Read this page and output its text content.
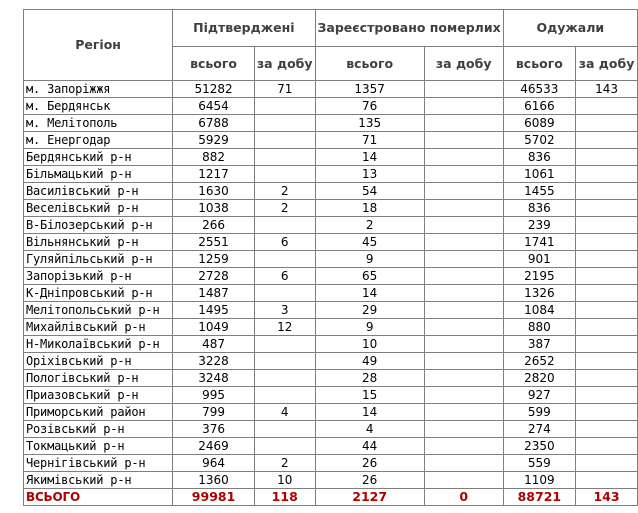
Регіон	Підтверджені		Зареєстровано померлих		Одужали	
	всього	за добу	всього	за добу	всього	за добу
м. Запоріжжя	51282	71	1357		46533	143
м. Бердянськ	6454		76		6166	
м. Мелітополь	6788		135		6089	
м. Енергодар	5929		71		5702	
Бердянський р-н	882		14		836	
Більмацький р-н	1217		13		1061	
Василівський р-н	1630	2	54		1455	
Веселівський р-н	1038	2	18		836	
В-Білозерський р-н	266		2		239	
Вільнянський р-н	2551	6	45		1741	
Гуляйпільський р-н	1259		9		901	
Запорізький р-н	2728	6	65		2195	
К-Дніпровський р-н	1487		14		1326	
Мелітопольський р-н	1495	3	29		1084	
Михайлівський р-н	1049	12	9		880	
Н-Миколаївський р-н	487		10		387	
Оріхівський р-н	3228		49		2652	
Пологівський р-н	3248		28		2820	
Приазовський р-н	995		15		927	
Приморський район	799	4	14		599	
Розівський р-н	376		4		274	
Токмацький р-н	2469		44		2350	
Чернігівський р-н	964	2	26		559	
Якимівський р-н	1360	10	26		1109	
ВСЬОГО	99981	118	2127	0	88721	143
